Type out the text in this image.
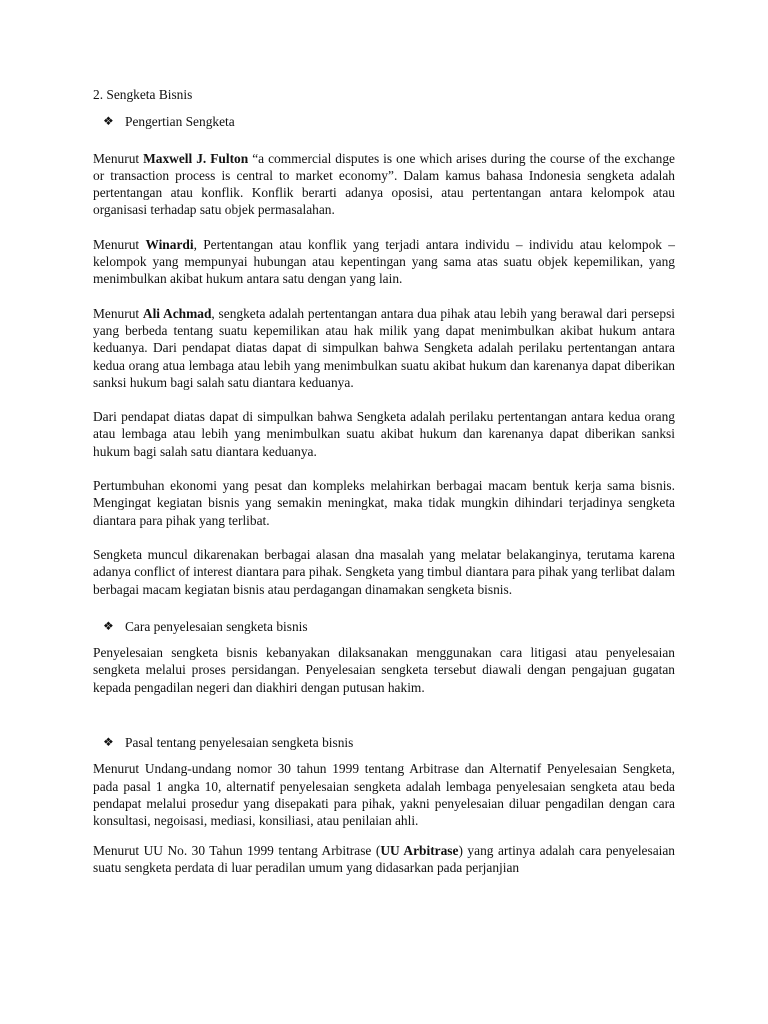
2. Sengketa Bisnis
❖ Pengertian Sengketa

Menurut Maxwell J. Fulton “a commercial disputes is one which arises during the course of the exchange or transaction process is central to market economy”. Dalam kamus bahasa Indonesia sengketa adalah pertentangan atau konflik. Konflik berarti adanya oposisi, atau pertentangan antara kelompok atau organisasi terhadap satu objek permasalahan.

Menurut Winardi, Pertentangan atau konflik yang terjadi antara individu – individu atau kelompok – kelompok yang mempunyai hubungan atau kepentingan yang sama atas suatu objek kepemilikan, yang menimbulkan akibat hukum antara satu dengan yang lain.

Menurut Ali Achmad, sengketa adalah pertentangan antara dua pihak atau lebih yang berawal dari persepsi yang berbeda tentang suatu kepemilikan atau hak milik yang dapat menimbulkan akibat hukum antara keduanya. Dari pendapat diatas dapat di simpulkan bahwa Sengketa adalah perilaku pertentangan antara kedua orang atua lembaga atau lebih yang menimbulkan suatu akibat hukum dan karenanya dapat diberikan sanksi hukum bagi salah satu diantara keduanya.

Dari pendapat diatas dapat di simpulkan bahwa Sengketa adalah perilaku pertentangan antara kedua orang atau lembaga atau lebih yang menimbulkan suatu akibat hukum dan karenanya dapat diberikan sanksi hukum bagi salah satu diantara keduanya.

Pertumbuhan ekonomi yang pesat dan kompleks melahirkan berbagai macam bentuk kerja sama bisnis. Mengingat kegiatan bisnis yang semakin meningkat, maka tidak mungkin dihindari terjadinya sengketa diantara para pihak yang terlibat.

Sengketa muncul dikarenakan berbagai alasan dna masalah yang melatar belakanginya, terutama karena adanya conflict of interest diantara para pihak. Sengketa yang timbul diantara para pihak yang terlibat dalam berbagai macam kegiatan bisnis atau perdagangan dinamakan sengketa bisnis.

❖ Cara penyelesaian sengketa bisnis

Penyelesaian sengketa bisnis kebanyakan dilaksanakan menggunakan cara litigasi atau penyelesaian sengketa melalui proses persidangan. Penyelesaian sengketa tersebut diawali dengan pengajuan gugatan kepada pengadilan negeri dan diakhiri dengan putusan hakim.

❖ Pasal tentang penyelesaian sengketa bisnis

Menurut Undang-undang nomor 30 tahun 1999 tentang Arbitrase dan Alternatif Penyelesaian Sengketa, pada pasal 1 angka 10, alternatif penyelesaian sengketa adalah lembaga penyelesaian sengketa atau beda pendapat melalui prosedur yang disepakati para pihak, yakni penyelesaian diluar pengadilan dengan cara konsultasi, negoisasi, mediasi, konsiliasi, atau penilaian ahli.

Menurut UU No. 30 Tahun 1999 tentang Arbitrase (UU Arbitrase) yang artinya adalah cara penyelesaian suatu sengketa perdata di luar peradilan umum yang didasarkan pada perjanjian
